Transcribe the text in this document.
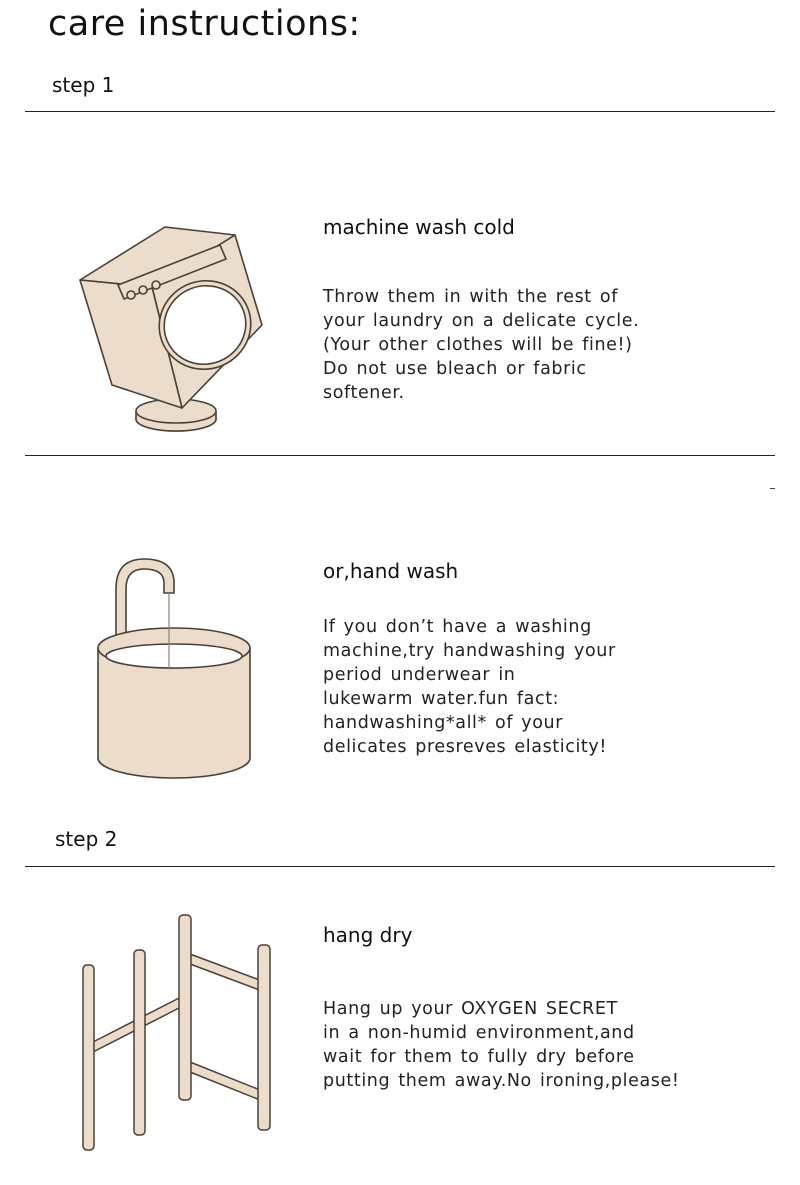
care instructions:
step 1
machine wash cold
Throw them in with the rest of
your laundry on a delicate cycle.
(Your other clothes will be fine!)
Do not use bleach or fabric
softener.
or,hand wash
If you don’t have a washing
machine,try handwashing your
period underwear in
lukewarm water.fun fact:
handwashing*all* of your
delicates presreves elasticity!
step 2
hang dry
Hang up your OXYGEN SECRET
in a non-humid environment,and
wait for them to fully dry before
putting them away.No ironing,please!
